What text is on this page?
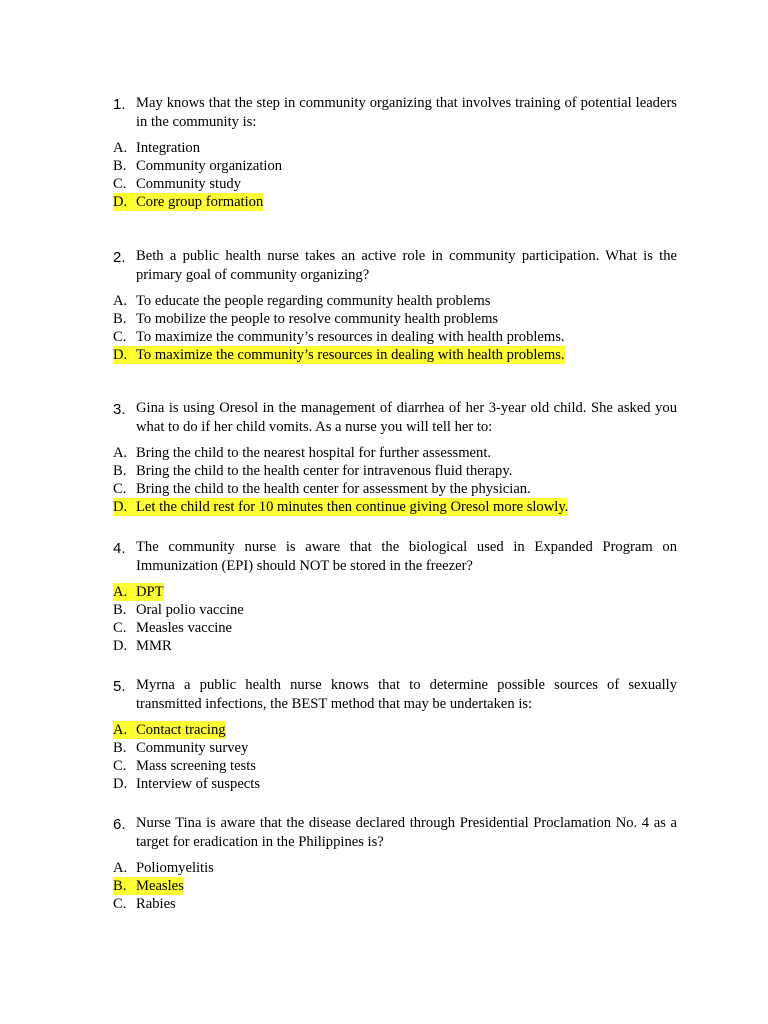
1. May knows that the step in community organizing that involves training of potential leaders in the community is:
A. Integration
B. Community organization
C. Community study
D. Core group formation
2. Beth a public health nurse takes an active role in community participation. What is the primary goal of community organizing?
A. To educate the people regarding community health problems
B. To mobilize the people to resolve community health problems
C. To maximize the community’s resources in dealing with health problems.
D. To maximize the community’s resources in dealing with health problems.
3. Gina is using Oresol in the management of diarrhea of her 3-year old child. She asked you what to do if her child vomits. As a nurse you will tell her to:
A. Bring the child to the nearest hospital for further assessment.
B. Bring the child to the health center for intravenous fluid therapy.
C. Bring the child to the health center for assessment by the physician.
D. Let the child rest for 10 minutes then continue giving Oresol more slowly.
4. The community nurse is aware that the biological used in Expanded Program on Immunization (EPI) should NOT be stored in the freezer?
A. DPT
B. Oral polio vaccine
C. Measles vaccine
D. MMR
5. Myrna a public health nurse knows that to determine possible sources of sexually transmitted infections, the BEST method that may be undertaken is:
A. Contact tracing
B. Community survey
C. Mass screening tests
D. Interview of suspects
6. Nurse Tina is aware that the disease declared through Presidential Proclamation No. 4 as a target for eradication in the Philippines is?
A. Poliomyelitis
B. Measles
C. Rabies
